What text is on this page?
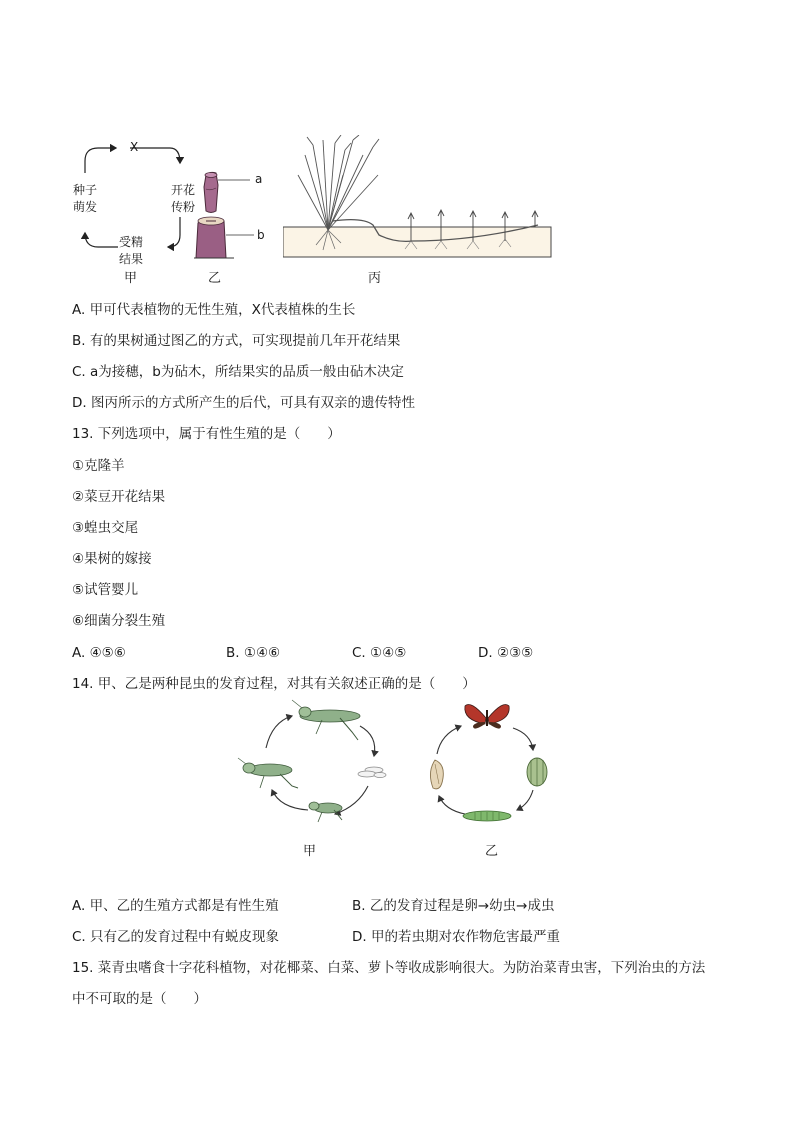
X
种子
萌发
开花
传粉
受精
结果
a
b
甲	乙	丙
A. 甲可代表植物的无性生殖，X代表植株的生长
B. 有的果树通过图乙的方式，可实现提前几年开花结果
C. a为接穗，b为砧木，所结果实的品质一般由砧木决定
D. 图丙所示的方式所产生的后代，可具有双亲的遗传特性
13. 下列选项中，属于有性生殖的是（　　）
①克隆羊
②菜豆开花结果
③蝗虫交尾
④果树的嫁接
⑤试管婴儿
⑥细菌分裂生殖
A. ④⑤⑥	B. ①④⑥	C. ①④⑤	D. ②③⑤
14. 甲、乙是两种昆虫的发育过程，对其有关叙述正确的是（　　）
甲	乙
A. 甲、乙的生殖方式都是有性生殖	B. 乙的发育过程是卵→幼虫→成虫
C. 只有乙的发育过程中有蜕皮现象	D. 甲的若虫期对农作物危害最严重
15. 菜青虫嗜食十字花科植物，对花椰菜、白菜、萝卜等收成影响很大。为防治菜青虫害，下列治虫的方法
中不可取的是（　　）
